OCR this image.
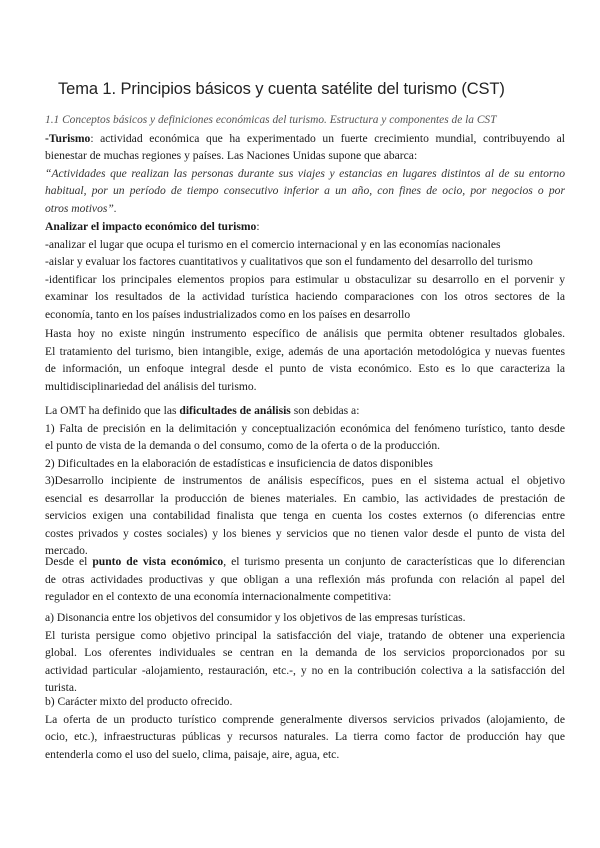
Tema 1. Principios básicos y cuenta satélite del turismo (CST)
1.1 Conceptos básicos y definiciones económicas del turismo. Estructura y componentes de la CST
-Turismo: actividad económica que ha experimentado un fuerte crecimiento mundial, contribuyendo al
bienestar de muchas regiones y países. Las Naciones Unidas supone que abarca:
“Actividades que realizan las personas durante sus viajes y estancias en lugares distintos al de su entorno
habitual, por un período de tiempo consecutivo inferior a un año, con fines de ocio, por negocios o por
otros motivos”.
Analizar el impacto económico del turismo:
-analizar el lugar que ocupa el turismo en el comercio internacional y en las economías nacionales
-aislar y evaluar los factores cuantitativos y cualitativos que son el fundamento del desarrollo del turismo
-identificar los principales elementos propios para estimular u obstaculizar su desarrollo en el porvenir y
examinar los resultados de la actividad turística haciendo comparaciones con los otros sectores de la
economía, tanto en los países industrializados como en los países en desarrollo
Hasta hoy no existe ningún instrumento específico de análisis que permita obtener resultados globales.
El tratamiento del turismo, bien intangible, exige, además de una aportación metodológica y nuevas fuentes
de información, un enfoque integral desde el punto de vista económico. Esto es lo que caracteriza la
multidisciplinariedad del análisis del turismo.
La OMT ha definido que las dificultades de análisis son debidas a:
1) Falta de precisión en la delimitación y conceptualización económica del fenómeno turístico, tanto desde
el punto de vista de la demanda o del consumo, como de la oferta o de la producción.
2) Dificultades en la elaboración de estadísticas e insuficiencia de datos disponibles
3)Desarrollo incipiente de instrumentos de análisis específicos, pues en el sistema actual el objetivo
esencial es desarrollar la producción de bienes materiales. En cambio, las actividades de prestación de
servicios exigen una contabilidad finalista que tenga en cuenta los costes externos (o diferencias entre
costes privados y costes sociales) y los bienes y servicios que no tienen valor desde el punto de vista del
mercado.
Desde el punto de vista económico, el turismo presenta un conjunto de características que lo diferencian
de otras actividades productivas y que obligan a una reflexión más profunda con relación al papel del
regulador en el contexto de una economía internacionalmente competitiva:
a) Disonancia entre los objetivos del consumidor y los objetivos de las empresas turísticas.
El turista persigue como objetivo principal la satisfacción del viaje, tratando de obtener una experiencia
global. Los oferentes individuales se centran en la demanda de los servicios proporcionados por su
actividad particular -alojamiento, restauración, etc.-, y no en la contribución colectiva a la satisfacción del
turista.
b) Carácter mixto del producto ofrecido.
La oferta de un producto turístico comprende generalmente diversos servicios privados (alojamiento, de
ocio, etc.), infraestructuras públicas y recursos naturales. La tierra como factor de producción hay que
entenderla como el uso del suelo, clima, paisaje, aire, agua, etc.
